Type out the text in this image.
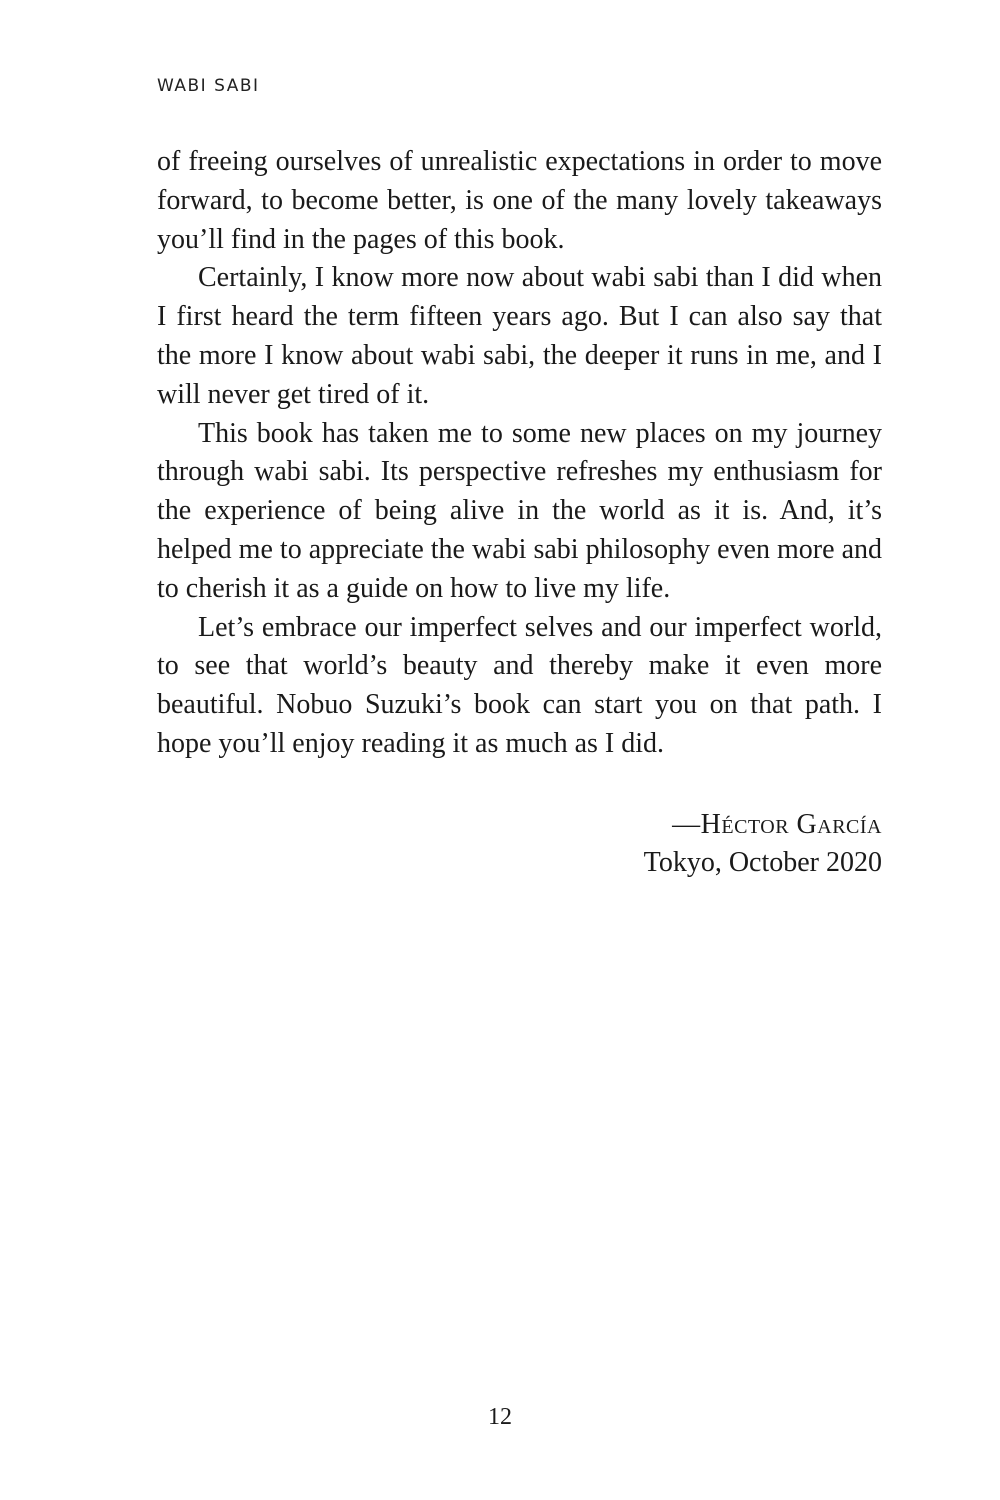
WABI SABI

of freeing ourselves of unrealistic expectations in order to move forward, to become better, is one of the many lovely takeaways you’ll find in the pages of this book.

Certainly, I know more now about wabi sabi than I did when I first heard the term fifteen years ago. But I can also say that the more I know about wabi sabi, the deeper it runs in me, and I will never get tired of it.

This book has taken me to some new places on my journey through wabi sabi. Its perspective refreshes my enthusiasm for the experience of being alive in the world as it is. And, it’s helped me to appreciate the wabi sabi philosophy even more and to cherish it as a guide on how to live my life.

Let’s embrace our imperfect selves and our imperfect world, to see that world’s beauty and thereby make it even more beautiful. Nobuo Suzuki’s book can start you on that path. I hope you’ll enjoy reading it as much as I did.

—Héctor García
Tokyo, October 2020
12
